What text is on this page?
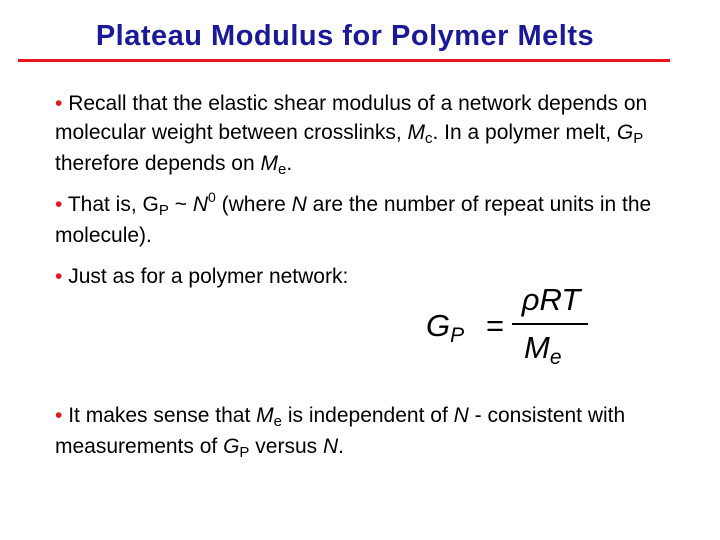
Plateau Modulus for Polymer Melts

• Recall that the elastic shear modulus of a network depends on molecular weight between crosslinks, Mc. In a polymer melt, GP therefore depends on Me.

• That is, GP ~ $N^0$ (where N are the number of repeat units in the molecule).

• Just as for a polymer network:

GP =
ρRT
Me

• It makes sense that Me is independent of N - consistent with measurements of GP versus N.
